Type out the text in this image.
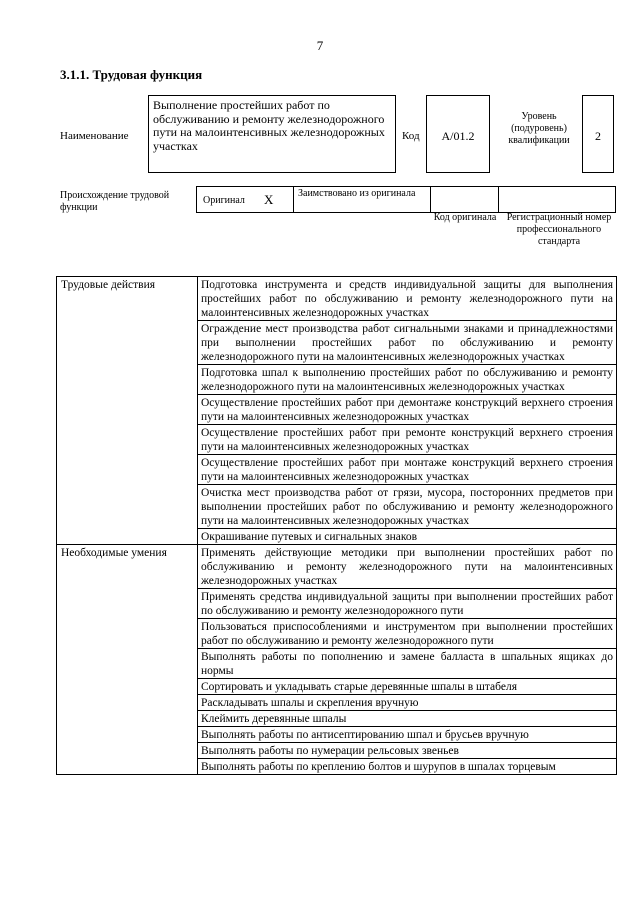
7
3.1.1. Трудовая функция
Наименование
Выполнение простейших работ по обслуживанию и ремонту железнодорожного пути на малоинтенсивных железнодорожных участках
Код	А/01.2
Уровень (подуровень) квалификации	2
Происхождение трудовой функции
Оригинал X Заимствовано из оригинала
Код оригинала Регистрационный номер профессионального стандарта
Трудовые действия	Подготовка инструмента и средств индивидуальной защиты для выполнения простейших работ по обслуживанию и ремонту железнодорожного пути на малоинтенсивных железнодорожных участках
	Ограждение мест производства работ сигнальными знаками и принадлежностями при выполнении простейших работ по обслуживанию и ремонту железнодорожного пути на малоинтенсивных железнодорожных участках
	Подготовка шпал к выполнению простейших работ по обслуживанию и ремонту железнодорожного пути на малоинтенсивных железнодорожных участках
	Осуществление простейших работ при демонтаже конструкций верхнего строения пути на малоинтенсивных железнодорожных участках
	Осуществление простейших работ при ремонте конструкций верхнего строения пути на малоинтенсивных железнодорожных участках
	Осуществление простейших работ при монтаже конструкций верхнего строения пути на малоинтенсивных железнодорожных участках
	Очистка мест производства работ от грязи, мусора, посторонних предметов при выполнении простейших работ по обслуживанию и ремонту железнодорожного пути на малоинтенсивных железнодорожных участках
	Окрашивание путевых и сигнальных знаков
Необходимые умения	Применять действующие методики при выполнении простейших работ по обслуживанию и ремонту железнодорожного пути на малоинтенсивных железнодорожных участках
	Применять средства индивидуальной защиты при выполнении простейших работ по обслуживанию и ремонту железнодорожного пути
	Пользоваться приспособлениями и инструментом при выполнении простейших работ по обслуживанию и ремонту железнодорожного пути
	Выполнять работы по пополнению и замене балласта в шпальных ящиках до нормы
	Сортировать и укладывать старые деревянные шпалы в штабеля
	Раскладывать шпалы и скрепления вручную
	Клеймить деревянные шпалы
	Выполнять работы по антисептированию шпал и брусьев вручную
	Выполнять работы по нумерации рельсовых звеньев
	Выполнять работы по креплению болтов и шурупов в шпалах торцевым
